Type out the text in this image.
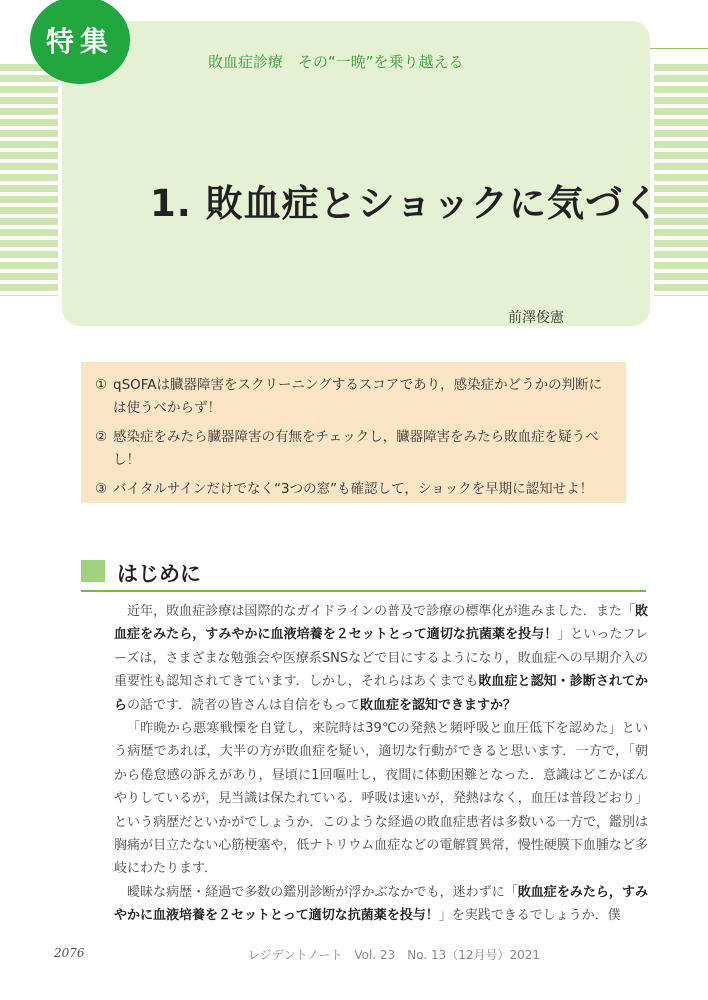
敗血症診療　その“一晩”を乗り越える
1. 敗血症とショックに気づく
前澤俊憲
特集
① qSOFAは臓器障害をスクリーニングするスコアであり，感染症かどうかの判断には使うべからず！
② 感染症をみたら臓器障害の有無をチェックし，臓器障害をみたら敗血症を疑うべし！
③ バイタルサインだけでなく“3つの窓”も確認して，ショックを早期に認知せよ！
はじめに

近年，敗血症診療は国際的なガイドラインの普及で診療の標準化が進みました．また「敗血症をみたら，すみやかに血液培養を２セットとって適切な抗菌薬を投与！」といったフレーズは，さまざまな勉強会や医療系SNSなどで目にするようになり，敗血症への早期介入の重要性も認知されてきています．しかし，それらはあくまでも敗血症と認知・診断されてからの話です．読者の皆さんは自信をもって敗血症を認知できますか？

「昨晩から悪寒戦慄を自覚し，来院時は39℃の発熱と頻呼吸と血圧低下を認めた」という病歴であれば，大半の方が敗血症を疑い，適切な行動ができると思います．一方で，「朝から倦怠感の訴えがあり，昼頃に1回嘔吐し，夜間に体動困難となった．意識はどこかぼんやりしているが，見当識は保たれている．呼吸は速いが，発熱はなく，血圧は普段どおり」という病歴だといかがでしょうか．このような経過の敗血症患者は多数いる一方で，鑑別は胸痛が目立たない心筋梗塞や，低ナトリウム血症などの電解質異常，慢性硬膜下血腫など多岐にわたります．

曖昧な病歴・経過で多数の鑑別診断が浮かぶなかでも，迷わずに「敗血症をみたら，すみやかに血液培養を２セットとって適切な抗菌薬を投与！」を実践できるでしょうか．僕

2076	レジデントノート　Vol. 23　No. 13（12月号）2021
